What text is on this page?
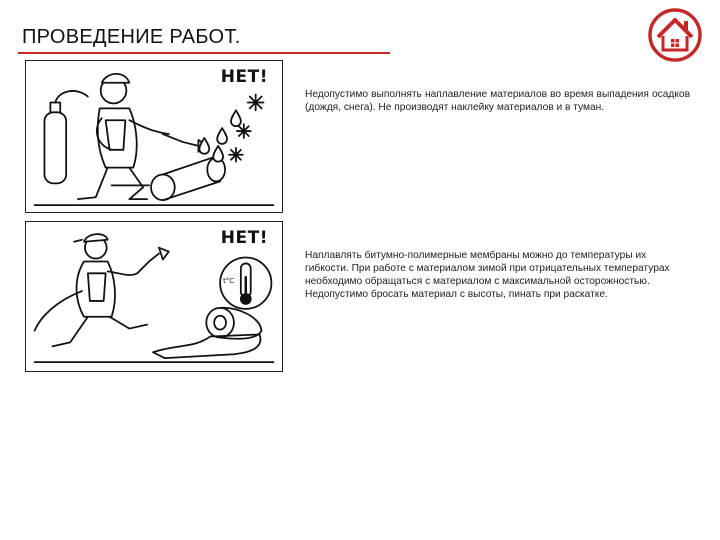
ПРОВЕДЕНИЕ РАБОТ.
НЕТ!
t°C
НЕТ!

Недопустимо выполнять наплавление материалов во время выпадения осадков (дождя, снега). Не производят наклейку материалов и в туман.

Наплавлять битумно-полимерные мембраны можно до температуры их гибкости. При работе с материалом зимой при отрицательных температурах необходимо обращаться с материалом с максимальной осторожностью. Недопустимо бросать материал с высоты, пинать при раскатке.
